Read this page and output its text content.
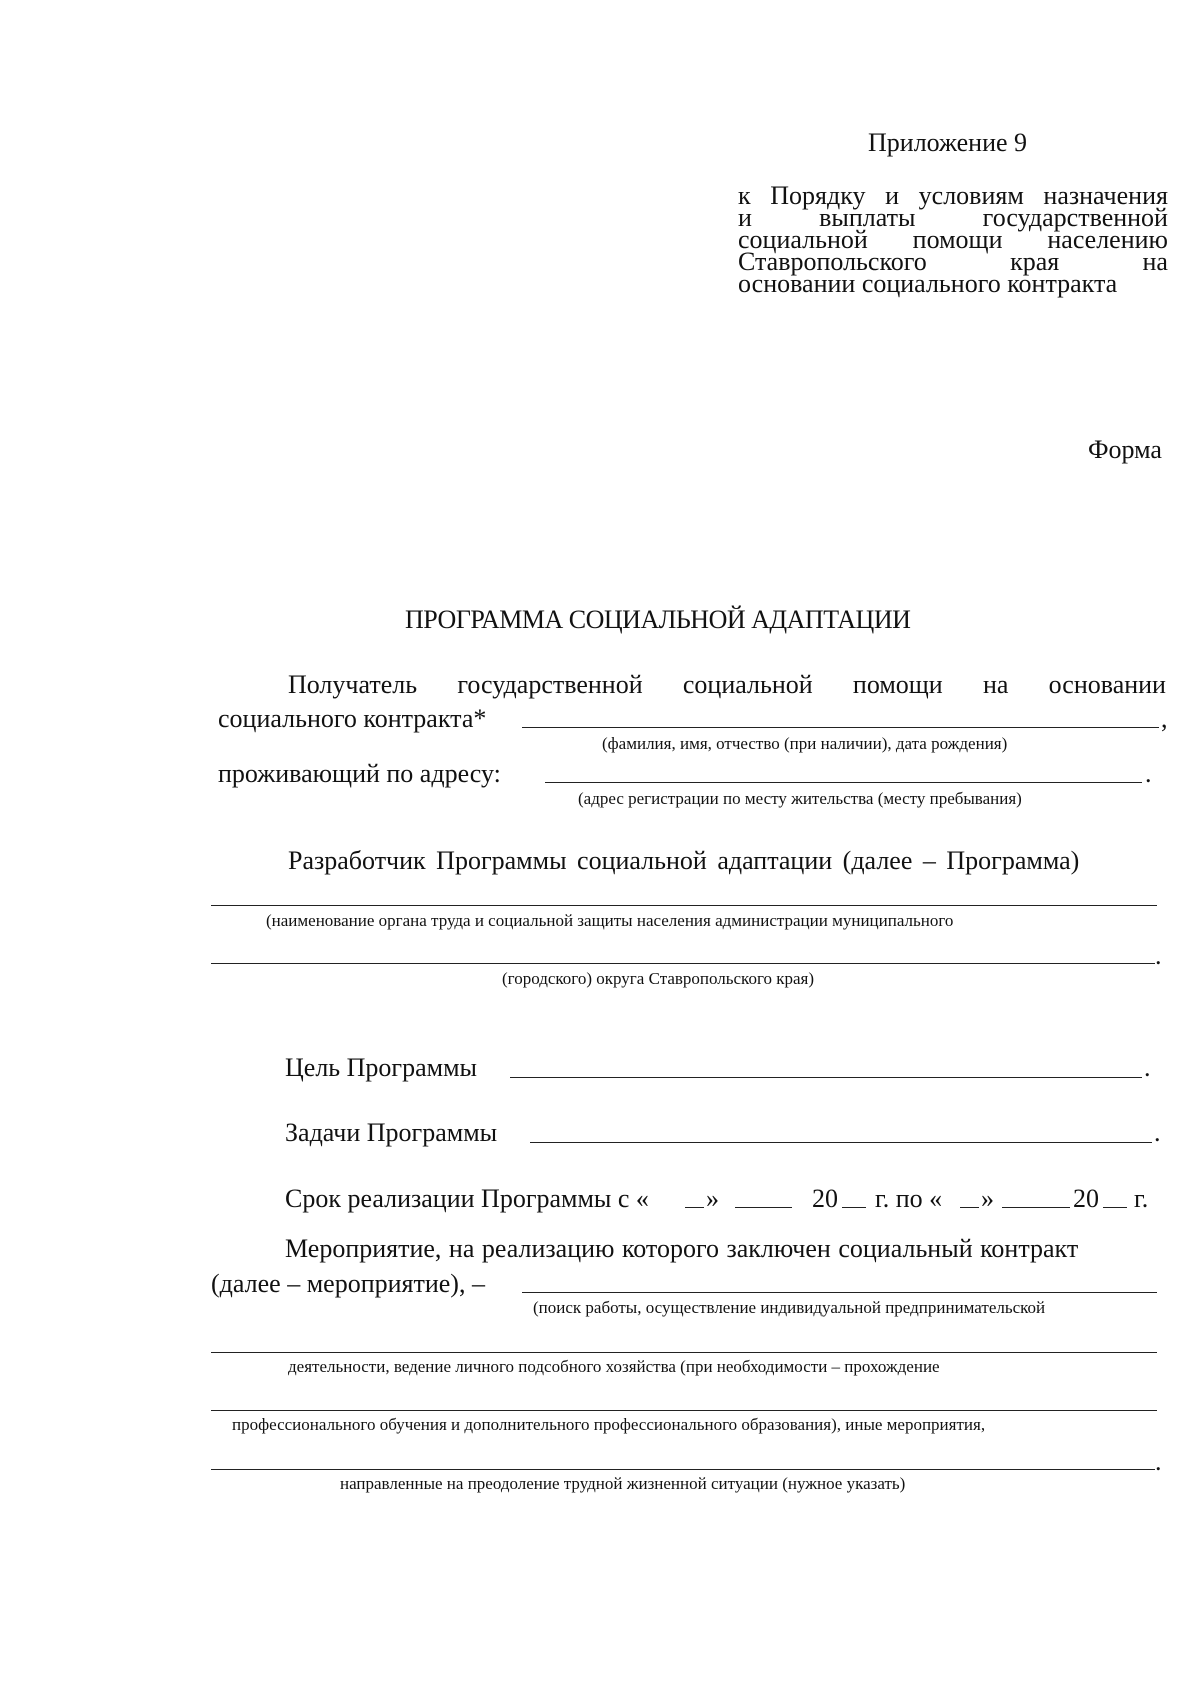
Приложение 9
к Порядку и условиям назначения
и	выплаты	государственной
социальной помощи населению
Ставропольского	края	на
основании социального контракта
Форма
ПРОГРАММА СОЦИАЛЬНОЙ АДАПТАЦИИ
Получатель государственной социальной помощи на основании
социального контракта*	,
(фамилия, имя, отчество (при наличии), дата рождения)
проживающий по адресу:	.
(адрес регистрации по месту жительства (месту пребывания)
Разработчик Программы социальной адаптации (далее – Программа)
(наименование органа труда и социальной защиты населения администрации муниципального
.
(городского) округа Ставропольского края)
Цель Программы	.
Задачи Программы	.
Срок реализации Программы с « »	20 г. по « »	20 г.
Мероприятие, на реализацию которого заключен социальный контракт
(далее – мероприятие), –
(поиск работы, осуществление индивидуальной предпринимательской
деятельности, ведение личного подсобного хозяйства (при необходимости – прохождение
профессионального обучения и дополнительного профессионального образования), иные мероприятия,
.
направленные на преодоление трудной жизненной ситуации (нужное указать)
